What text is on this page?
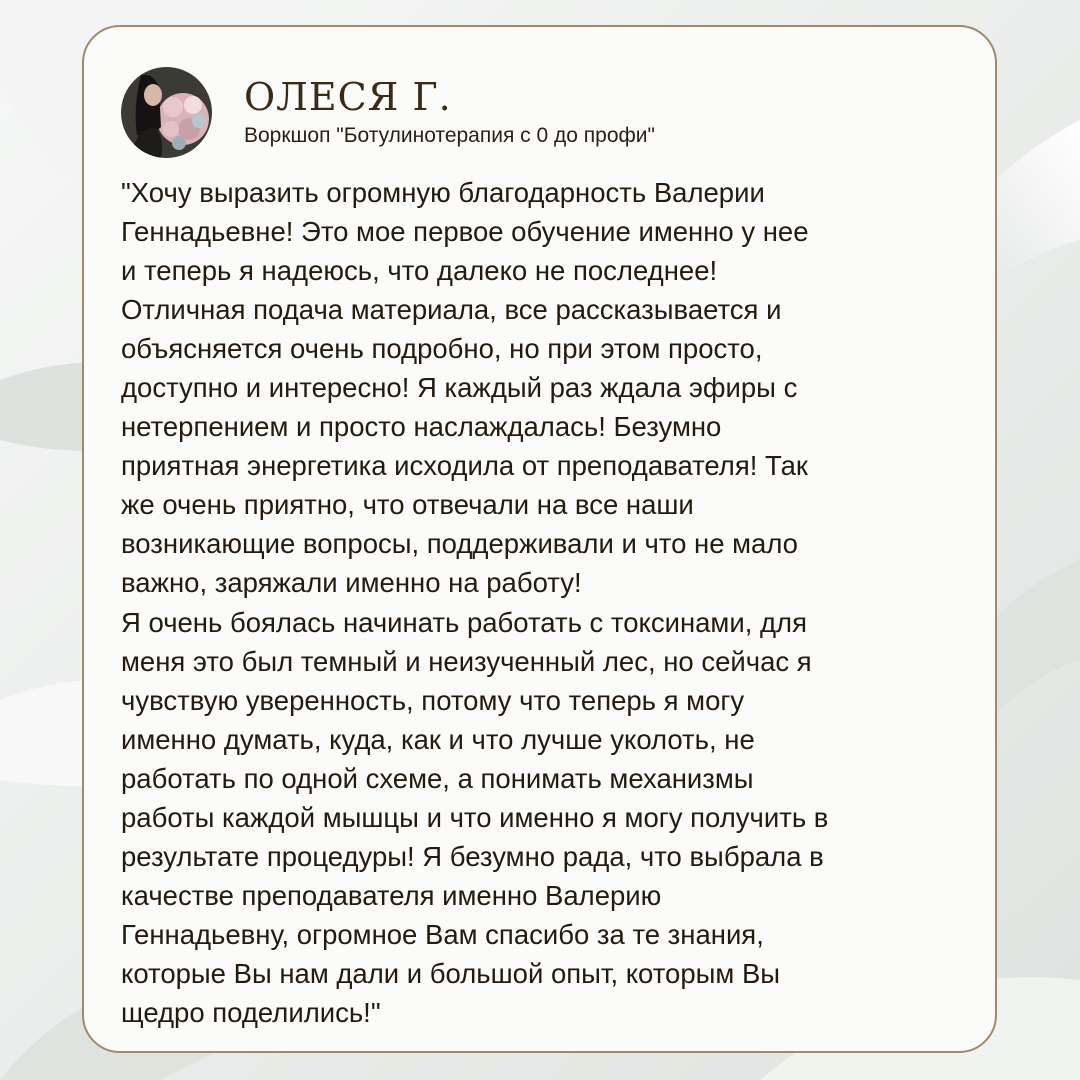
ОЛЕСЯ Г.
Воркшоп "Ботулинотерапия с 0 до профи"

"Хочу выразить огромную благодарность Валерии
Геннадьевне! Это мое первое обучение именно у нее
и теперь я надеюсь, что далеко не последнее!
Отличная подача материала, все рассказывается и
объясняется очень подробно, но при этом просто,
доступно и интересно! Я каждый раз ждала эфиры с
нетерпением и просто наслаждалась! Безумно
приятная энергетика исходила от преподавателя! Так
же очень приятно, что отвечали на все наши
возникающие вопросы, поддерживали и что не мало
важно, заряжали именно на работу!
Я очень боялась начинать работать с токсинами, для
меня это был темный и неизученный лес, но сейчас я
чувствую уверенность, потому что теперь я могу
именно думать, куда, как и что лучше уколоть, не
работать по одной схеме, а понимать механизмы
работы каждой мышцы и что именно я могу получить в
результате процедуры! Я безумно рада, что выбрала в
качестве преподавателя именно Валерию
Геннадьевну, огромное Вам спасибо за те знания,
которые Вы нам дали и большой опыт, которым Вы
щедро поделились!"
